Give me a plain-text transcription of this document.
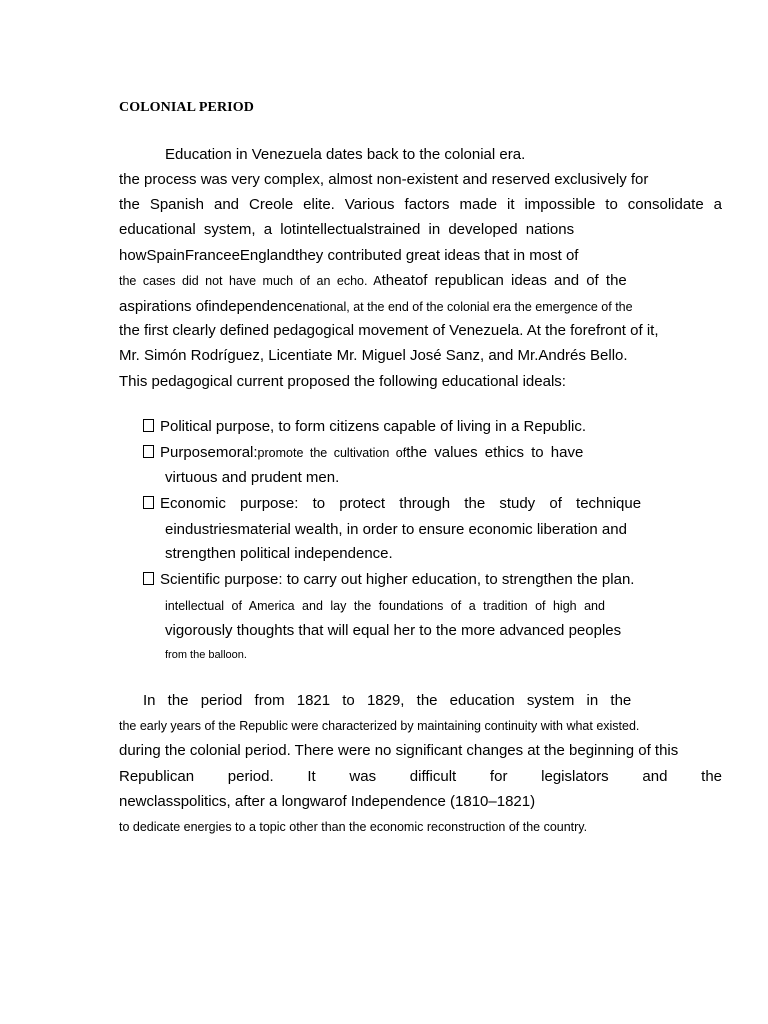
COLONIAL PERIOD
Education in Venezuela dates back to the colonial era.
the process was very complex, almost non-existent and reserved exclusively for
the Spanish and Creole elite. Various factors made it impossible to consolidate a
educational system, a lotintellectualstrained in developed nations
howSpainFranceeEnglandthey contributed great ideas that in most of
the cases did not have much of an echo. Atheatof republican ideas and of the
aspirations ofindependencenational, at the end of the colonial era the emergence of the
the first clearly defined pedagogical movement of Venezuela. At the forefront of it,
Mr. Simón Rodríguez, Licentiate Mr. Miguel José Sanz, and Mr.Andrés Bello.
This pedagogical current proposed the following educational ideals:
Political purpose, to form citizens capable of living in a Republic.
Purposemoral:promote the cultivation ofthe values ethics to have
virtuous and prudent men.
Economic purpose: to protect through the study of technique
eindustriesmaterial wealth, in order to ensure economic liberation and
strengthen political independence.
Scientific purpose: to carry out higher education, to strengthen the plan.
intellectual of America and lay the foundations of a tradition of high and
vigorously thoughts that will equal her to the more advanced peoples
from the balloon.
In the period from 1821 to 1829, the education system in the
the early years of the Republic were characterized by maintaining continuity with what existed.
during the colonial period. There were no significant changes at the beginning of this
Republican period. It was difficult for legislators and the
newclasspolitics, after a longwarof Independence (1810–1821)
to dedicate energies to a topic other than the economic reconstruction of the country.
